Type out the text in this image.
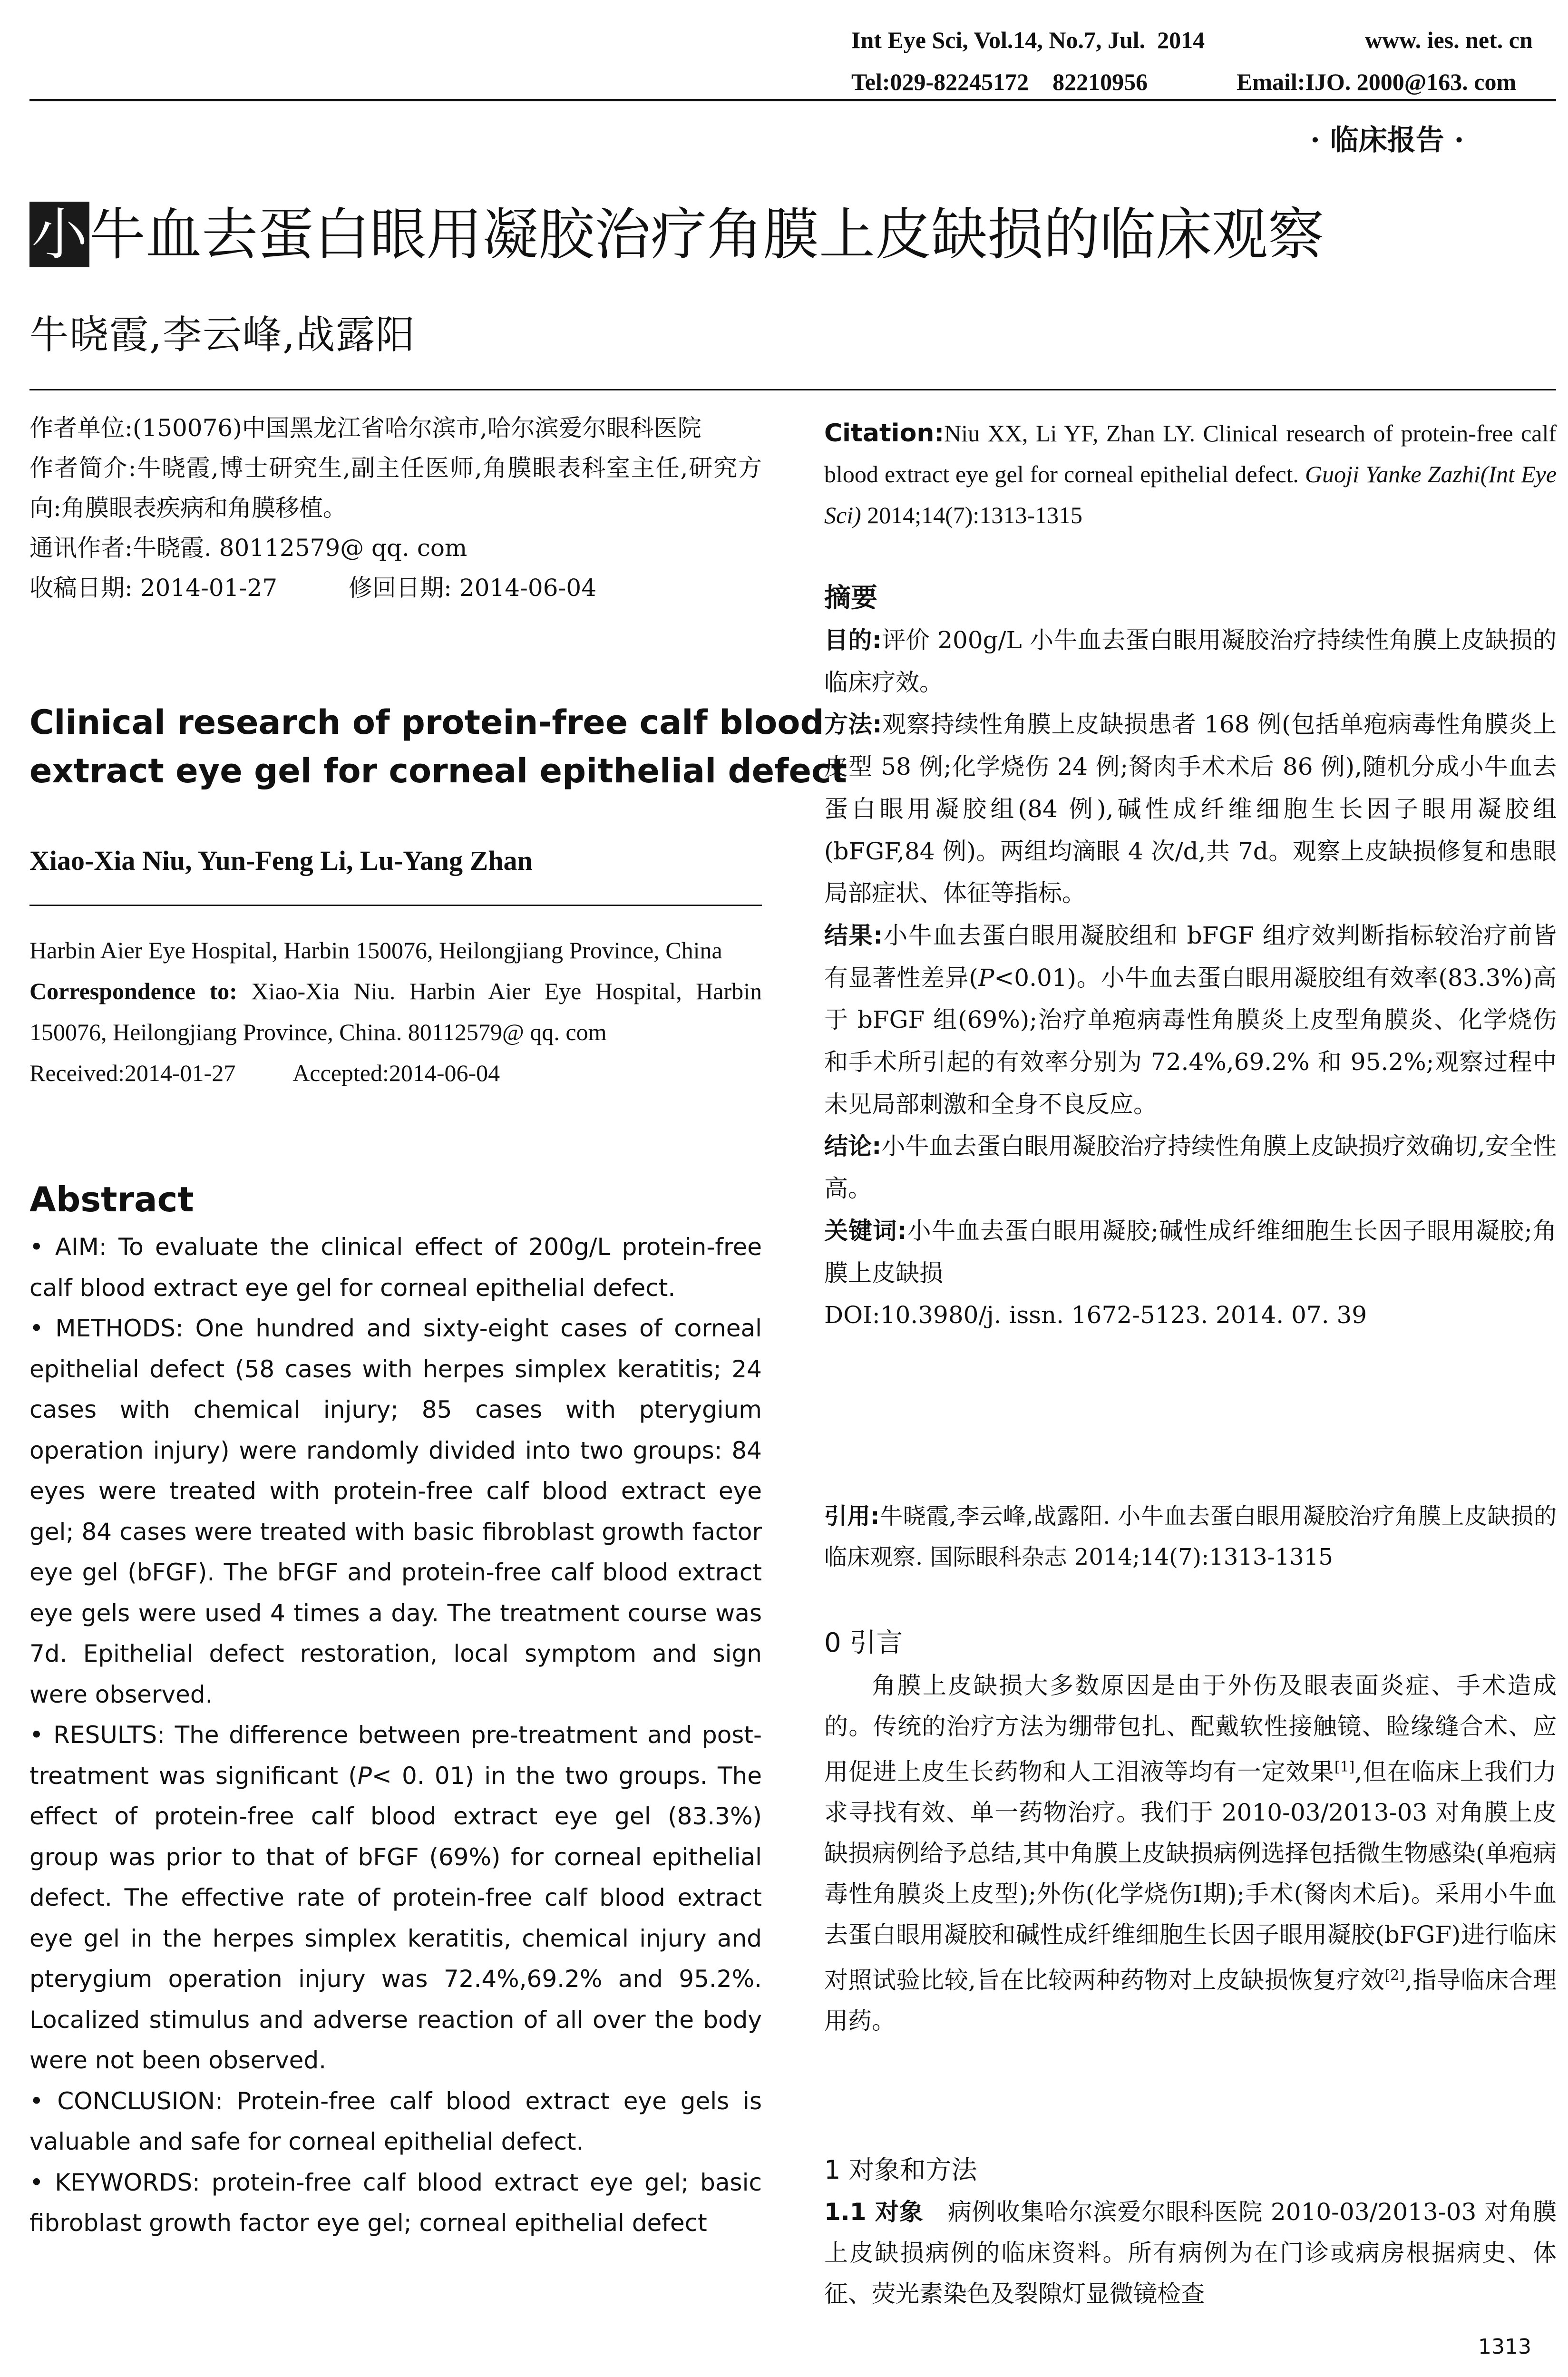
Int Eye Sci, Vol.14, No.7, Jul.  2014	www. ies. net. cn
Tel:029-82245172    82210956	Email:IJO. 2000@163. com
· 临床报告 ·
小牛血去蛋白眼用凝胶治疗角膜上皮缺损的临床观察
牛晓霞,李云峰,战露阳

作者单位:(150076)中国黑龙江省哈尔滨市,哈尔滨爱尔眼科医院

作者简介:牛晓霞,博士研究生,副主任医师,角膜眼表科室主任,研究方向:角膜眼表疾病和角膜移植。

通讯作者:牛晓霞. 80112579@ qq. com

收稿日期: 2014-01-27	修回日期: 2014-06-04

Clinical research of protein-free calf blood
extract eye gel for corneal epithelial defect
Xiao-Xia Niu, Yun-Feng Li, Lu-Yang Zhan

Harbin Aier Eye Hospital, Harbin 150076, Heilongjiang Province, China

Correspondence to: Xiao-Xia Niu. Harbin Aier Eye Hospital, Harbin 150076, Heilongjiang Province, China. 80112579@ qq. com

Received:2014-01-27 Accepted:2014-06-04

Abstract

• AIM: To evaluate the clinical effect of 200g/L protein-free calf blood extract eye gel for corneal epithelial defect.

• METHODS: One hundred and sixty-eight cases of corneal epithelial defect (58 cases with herpes simplex keratitis; 24 cases with chemical injury; 85 cases with pterygium operation injury) were randomly divided into two groups: 84 eyes were treated with protein-free calf blood extract eye gel; 84 cases were treated with basic fibroblast growth factor eye gel (bFGF). The bFGF and protein-free calf blood extract eye gels were used 4 times a day. The treatment course was 7d. Epithelial defect restoration, local symptom and sign were observed.

• RESULTS: The difference between pre-treatment and post-treatment was significant (P< 0. 01) in the two groups. The effect of protein-free calf blood extract eye gel (83.3%) group was prior to that of bFGF (69%) for corneal epithelial defect. The effective rate of protein-free calf blood extract eye gel in the herpes simplex keratitis, chemical injury and pterygium operation injury was 72.4%,69.2% and 95.2%. Localized stimulus and adverse reaction of all over the body were not been observed.

• CONCLUSION: Protein-free calf blood extract eye gels is valuable and safe for corneal epithelial defect.

• KEYWORDS: protein-free calf blood extract eye gel; basic fibroblast growth factor eye gel; corneal epithelial defect

Citation:Niu XX, Li YF, Zhan LY. Clinical research of protein-free calf blood extract eye gel for corneal epithelial defect. Guoji Yanke Zazhi(Int Eye Sci) 2014;14(7):1313-1315
摘要

目的:评价 200g/L 小牛血去蛋白眼用凝胶治疗持续性角膜上皮缺损的临床疗效。

方法:观察持续性角膜上皮缺损患者 168 例(包括单疱病毒性角膜炎上皮型 58 例;化学烧伤 24 例;胬肉手术术后 86 例),随机分成小牛血去蛋白眼用凝胶组(84 例),碱性成纤维细胞生长因子眼用凝胶组(bFGF,84 例)。两组均滴眼 4 次/d,共 7d。观察上皮缺损修复和患眼局部症状、体征等指标。

结果:小牛血去蛋白眼用凝胶组和 bFGF 组疗效判断指标较治疗前皆有显著性差异(P<0.01)。小牛血去蛋白眼用凝胶组有效率(83.3%)高于 bFGF 组(69%);治疗单疱病毒性角膜炎上皮型角膜炎、化学烧伤和手术所引起的有效率分别为 72.4%,69.2% 和 95.2%;观察过程中未见局部刺激和全身不良反应。

结论:小牛血去蛋白眼用凝胶治疗持续性角膜上皮缺损疗效确切,安全性高。

关键词:小牛血去蛋白眼用凝胶;碱性成纤维细胞生长因子眼用凝胶;角膜上皮缺损

DOI:10.3980/j. issn. 1672-5123. 2014. 07. 39

引用:牛晓霞,李云峰,战露阳. 小牛血去蛋白眼用凝胶治疗角膜上皮缺损的临床观察. 国际眼科杂志 2014;14(7):1313-1315
0 引言
角膜上皮缺损大多数原因是由于外伤及眼表面炎症、手术造成的。传统的治疗方法为绷带包扎、配戴软性接触镜、睑缘缝合术、应用促进上皮生长药物和人工泪液等均有一定效果[1],但在临床上我们力求寻找有效、单一药物治疗。我们于 2010-03/2013-03 对角膜上皮缺损病例给予总结,其中角膜上皮缺损病例选择包括微生物感染(单疱病毒性角膜炎上皮型);外伤(化学烧伤Ⅰ期);手术(胬肉术后)。采用小牛血去蛋白眼用凝胶和碱性成纤维细胞生长因子眼用凝胶(bFGF)进行临床对照试验比较,旨在比较两种药物对上皮缺损恢复疗效[2],指导临床合理用药。
1 对象和方法
1.1 对象 病例收集哈尔滨爱尔眼科医院 2010-03/2013-03 对角膜上皮缺损病例的临床资料。所有病例为在门诊或病房根据病史、体征、荧光素染色及裂隙灯显微镜检查
1313
